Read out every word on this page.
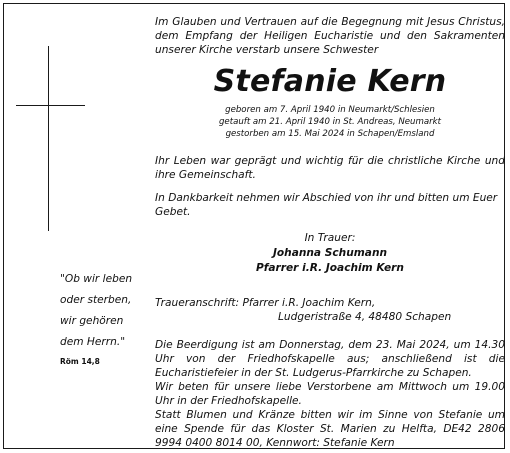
Im Glauben und Vertrauen auf die Begegnung mit Jesus Christus, dem Empfang der Heiligen Eucharistie und den Sakramenten unserer Kirche verstarb unsere Schwester
Stefanie Kern
geboren am 7. April 1940 in Neumarkt/Schlesien
getauft am 21. April 1940 in St. Andreas, Neumarkt
gestorben am 15. Mai 2024 in Schapen/Emsland
Ihr Leben war geprägt und wichtig für die christliche Kirche und ihre Gemeinschaft.
In Dankbarkeit nehmen wir Abschied von ihr und bitten um Euer Gebet.
In Trauer:
Johanna Schumann
Pfarrer i.R. Joachim Kern
Traueranschrift: Pfarrer i.R. Joachim Kern,
Ludgeristraße 4, 48480 Schapen
Die Beerdigung ist am Donnerstag, dem 23. Mai 2024, um 14.30 Uhr von der Friedhofskapelle aus; anschließend ist die Eucharistiefeier in der St. Ludgerus-Pfarrkirche zu Schapen.
Wir beten für unsere liebe Verstorbene am Mittwoch um 19.00 Uhr in der Friedhofskapelle.
Statt Blumen und Kränze bitten wir im Sinne von Stefanie um eine Spende für das Kloster St. Marien zu Helfta, DE42 2806 9994 0400 8014 00, Kennwort: Stefanie Kern
"Ob wir leben
oder sterben,
wir gehören
dem Herrn."
Röm 14,8
